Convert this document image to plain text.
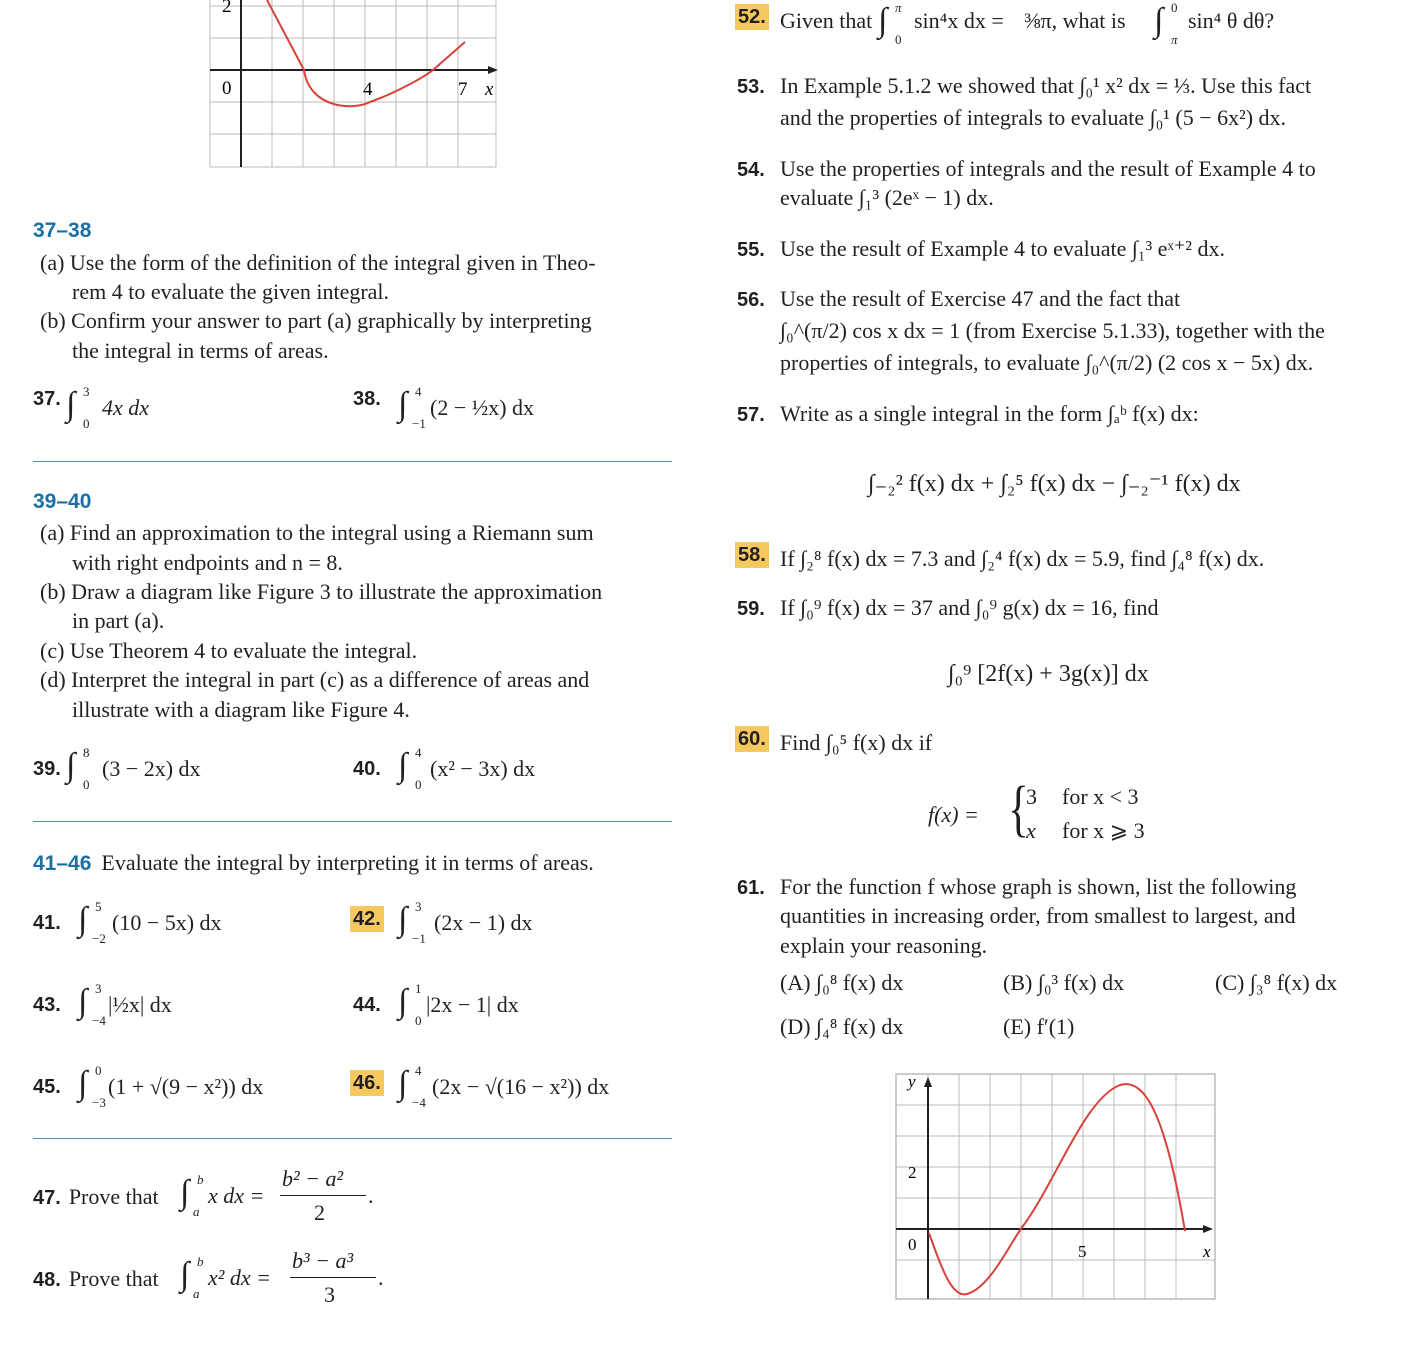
2
0	4	7 x
37–38
(a) Use the form of the definition of the integral given in Theo-
rem 4 to evaluate the given integral.
(b) Confirm your answer to part (a) graphically by interpreting
the integral in terms of areas.
37. ∫ 3
0
4x dx	38. ∫ 4
−1
(2 − ½x) dx
39–40
(a) Find an approximation to the integral using a Riemann sum
with right endpoints and n = 8.
(b) Draw a diagram like Figure 3 to illustrate the approximation
in part (a).
(c) Use Theorem 4 to evaluate the integral.
(d) Interpret the integral in part (c) as a difference of areas and
illustrate with a diagram like Figure 4.
39. ∫ 8
0
(3 − 2x) dx	40. ∫ 4
0
(x² − 3x) dx
41–46 Evaluate the integral by interpreting it in terms of areas.
41. ∫ 5
−2
(10 − 5x) dx	42. ∫ 3
−1
(2x − 1) dx
43. ∫ 3
−4
|½x| dx	44. ∫ 1
0
|2x − 1| dx
45. ∫ 0
−3
(1 + √(9 − x²)) dx	46. ∫ 4
−4
(2x − √(16 − x²)) dx
47. Prove that ∫ b
a
x dx =
b² − a²
2
.
48. Prove that ∫ b
a
x² dx =
b³ − a³
3
.
52. Given that ∫ π
0
sin⁴x dx = ⅜π, what is ∫ 0
π
sin⁴ θ dθ?
53. In Example 5.1.2 we showed that ∫₀¹ x² dx = ⅓. Use this fact
and the properties of integrals to evaluate ∫₀¹ (5 − 6x²) dx.
54. Use the properties of integrals and the result of Example 4 to
evaluate ∫₁³ (2eˣ − 1) dx.
55. Use the result of Example 4 to evaluate ∫₁³ eˣ⁺² dx.
56. Use the result of Exercise 47 and the fact that
∫₀^(π/2) cos x dx = 1 (from Exercise 5.1.33), together with the
properties of integrals, to evaluate ∫₀^(π/2) (2 cos x − 5x) dx.
57. Write as a single integral in the form ∫ₐᵇ f(x) dx:
∫₋₂² f(x) dx + ∫₂⁵ f(x) dx − ∫₋₂⁻¹ f(x) dx
58. If ∫₂⁸ f(x) dx = 7.3 and ∫₂⁴ f(x) dx = 5.9, find ∫₄⁸ f(x) dx.
59. If ∫₀⁹ f(x) dx = 37 and ∫₀⁹ g(x) dx = 16, find
∫₀⁹ [2f(x) + 3g(x)] dx
60. Find ∫₀⁵ f(x) dx if
f(x) = {
3 for x < 3
x for x ⩾ 3
61. For the function f whose graph is shown, list the following
quantities in increasing order, from smallest to largest, and
explain your reasoning.
(A) ∫₀⁸ f(x) dx	(B) ∫₀³ f(x) dx	(C) ∫₃⁸ f(x) dx
(D) ∫₄⁸ f(x) dx	(E) f′(1)
y
2
0	5	x
